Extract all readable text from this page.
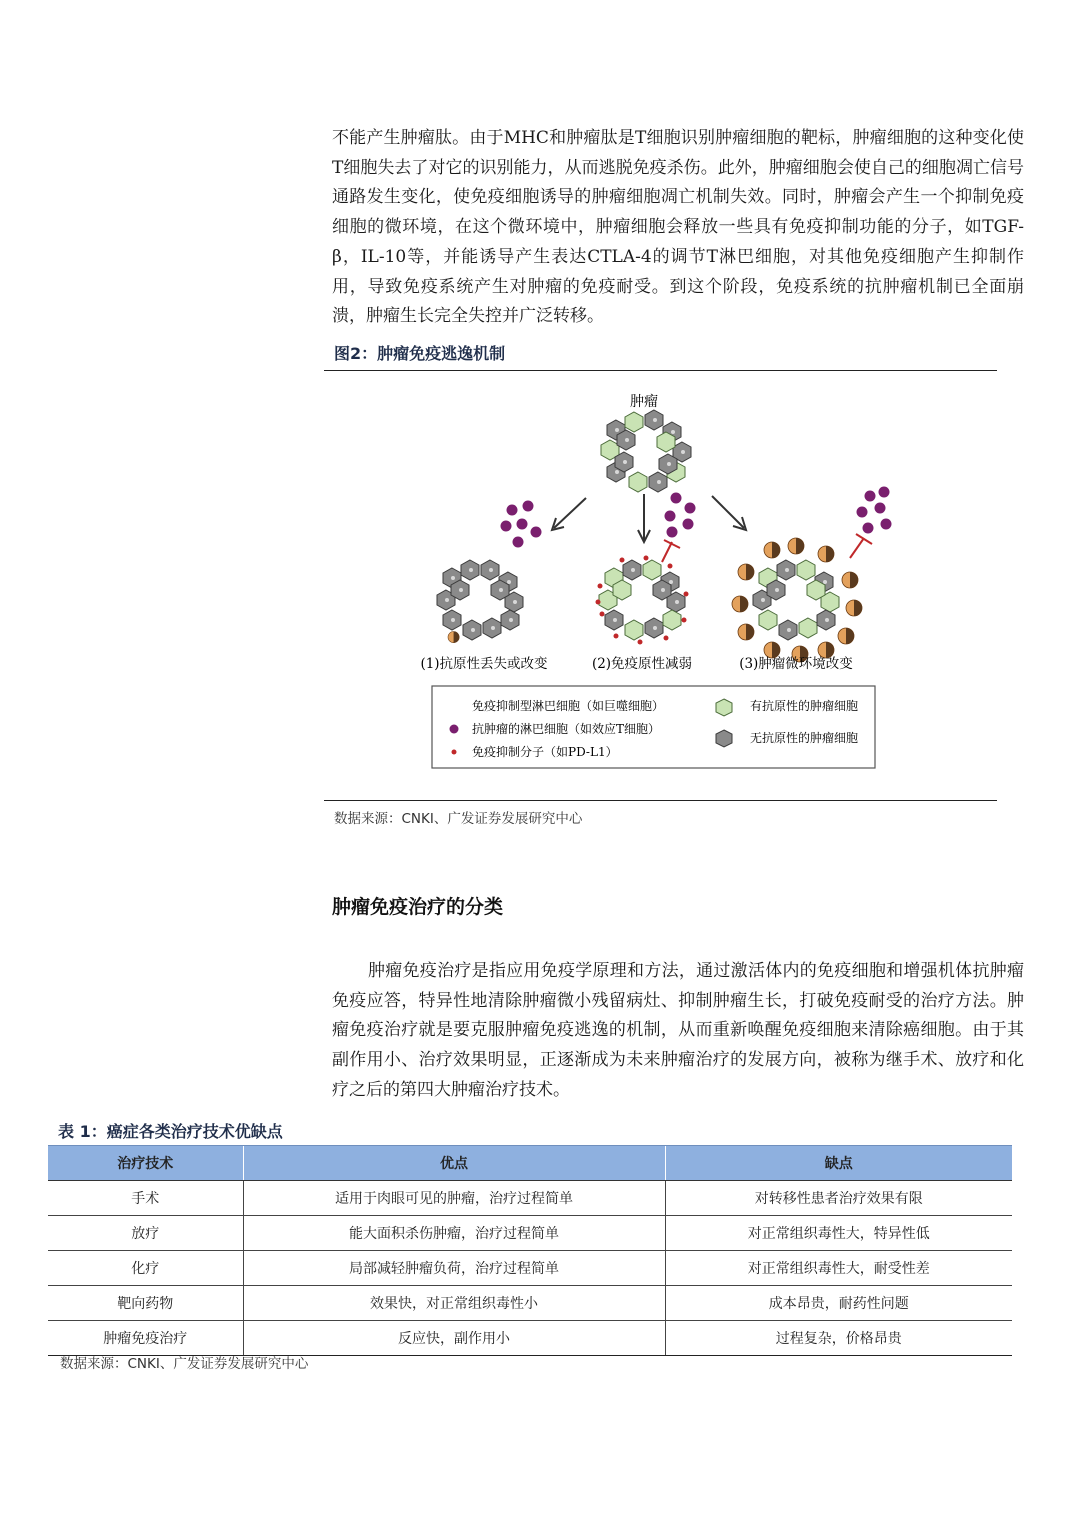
不能产生肿瘤肽。由于MHC和肿瘤肽是T细胞识别肿瘤细胞的靶标，肿瘤细胞的这种变化使T细胞失去了对它的识别能力，从而逃脱免疫杀伤。此外，肿瘤细胞会使自己的细胞凋亡信号通路发生变化，使免疫细胞诱导的肿瘤细胞凋亡机制失效。同时，肿瘤会产生一个抑制免疫细胞的微环境，在这个微环境中，肿瘤细胞会释放一些具有免疫抑制功能的分子，如TGF-β，IL-10等，并能诱导产生表达CTLA-4的调节T淋巴细胞，对其他免疫细胞产生抑制作用，导致免疫系统产生对肿瘤的免疫耐受。到这个阶段，免疫系统的抗肿瘤机制已全面崩溃，肿瘤生长完全失控并广泛转移。

图2：肿瘤免疫逃逸机制
肿瘤
(1)抗原性丢失或改变	(2)免疫原性减弱	(3)肿瘤微环境改变
免疫抑制型淋巴细胞（如巨噬细胞）
抗肿瘤的淋巴细胞（如效应T细胞）
免疫抑制分子（如PD-L1）
有抗原性的肿瘤细胞
无抗原性的肿瘤细胞
数据来源：CNKI、广发证券发展研究中心
肿瘤免疫治疗的分类

肿瘤免疫治疗是指应用免疫学原理和方法，通过激活体内的免疫细胞和增强机体抗肿瘤免疫应答，特异性地清除肿瘤微小残留病灶、抑制肿瘤生长，打破免疫耐受的治疗方法。肿瘤免疫治疗就是要克服肿瘤免疫逃逸的机制，从而重新唤醒免疫细胞来清除癌细胞。由于其副作用小、治疗效果明显，正逐渐成为未来肿瘤治疗的发展方向，被称为继手术、放疗和化疗之后的第四大肿瘤治疗技术。

表 1：癌症各类治疗技术优缺点
治疗技术	优点	缺点
手术	适用于肉眼可见的肿瘤，治疗过程简单	对转移性患者治疗效果有限
放疗	能大面积杀伤肿瘤，治疗过程简单	对正常组织毒性大，特异性低
化疗	局部减轻肿瘤负荷，治疗过程简单	对正常组织毒性大，耐受性差
靶向药物	效果快，对正常组织毒性小	成本昂贵，耐药性问题
肿瘤免疫治疗	反应快，副作用小	过程复杂，价格昂贵
数据来源：CNKI、广发证券发展研究中心
